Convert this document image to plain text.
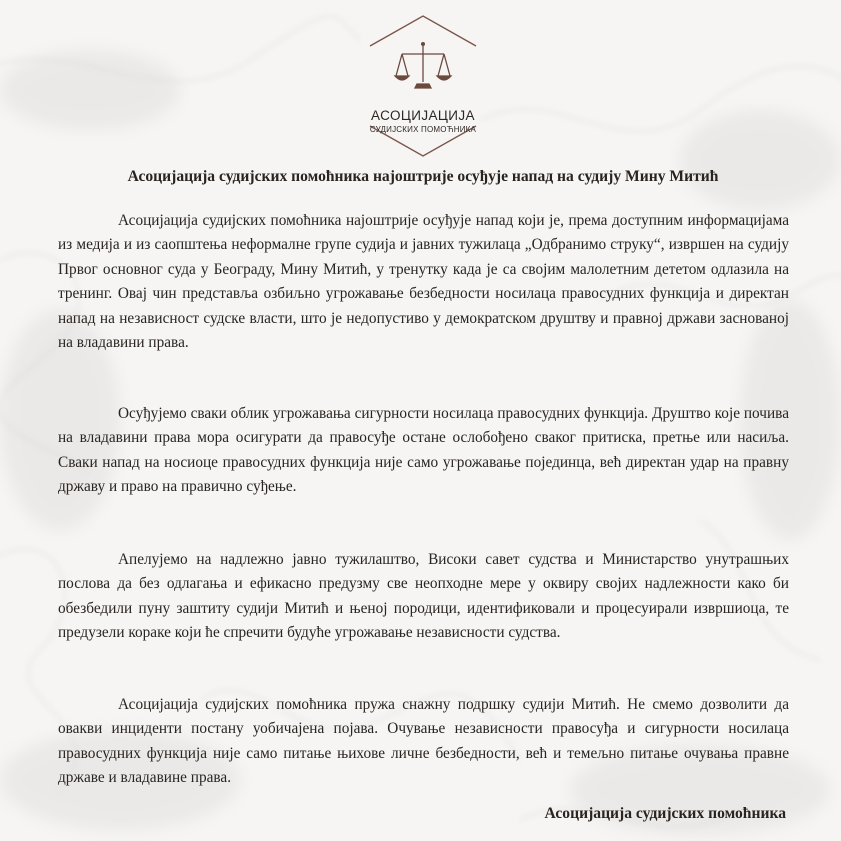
АСОЦИЈАЦИЈА
СУДИЈСКИХ ПОМОЋНИКА
Асоцијација судијских помоћника најоштрије осуђује напад на судију Мину Митић

Асоцијација судијских помоћника најоштрије осуђује напад који је, према доступним информацијама из медија и из саопштења неформалне групе судија и јавних тужилаца „Одбранимо струку“, извршен на судију Првог основног суда у Београду, Мину Митић, у тренутку када је са својим малолетним дететом одлазила на тренинг. Овај чин представља озбиљно угрожавање безбедности носилаца правосудних функција и директан напад на независност судске власти, што је недопустиво у демократском друштву и правној држави заснованој на владавини права.

Осуђујемо сваки облик угрожавања сигурности носилаца правосудних функција. Друштво које почива на владавини права мора осигурати да правосуђе остане ослобођено сваког притиска, претње или насиља. Сваки напад на носиоце правосудних функција није само угрожавање појединца, већ директан удар на правну државу и право на правично суђење.

Апелујемо на надлежно јавно тужилаштво, Високи савет судства и Министарство унутрашњих послова да без одлагања и ефикасно предузму све неопходне мере у оквиру својих надлежности како би обезбедили пуну заштиту судији Митић и њеној породици, идентификовали и процесуирали извршиоца, те предузели кораке који ће спречити будуће угрожавање независности судства.

Асоцијација судијских помоћника пружа снажну подршку судији Митић. Не смемо дозволити да овакви инциденти постану уобичајена појава. Очување независности правосуђа и сигурности носилаца правосудних функција није само питање њихове личне безбедности, већ и темељно питање очувања правне државе и владавине права.

Асоцијација судијских помоћника
